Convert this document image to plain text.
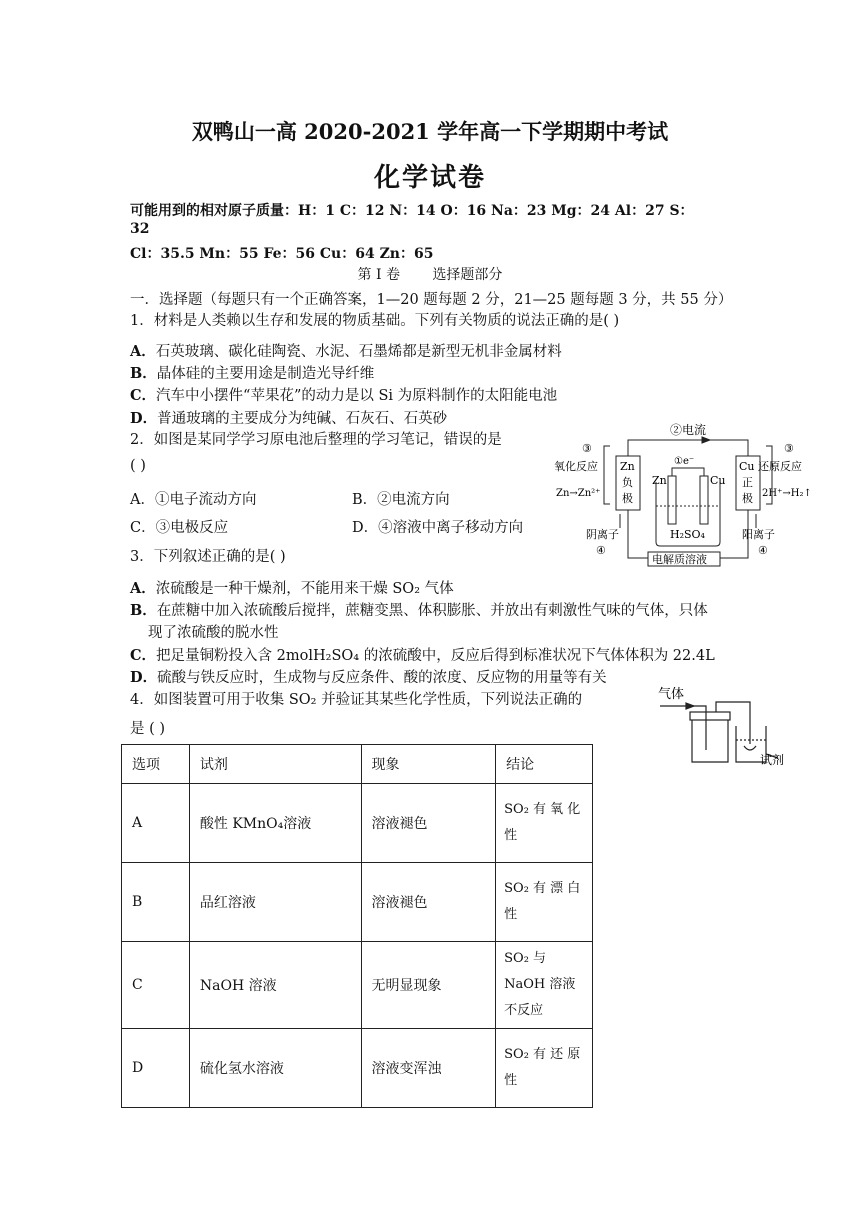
双鸭山一高 2020-2021 学年高一下学期期中考试
化学试卷
可能用到的相对原子质量：H：1 C：12 N：14 O：16 Na：23 Mg：24 Al：27 S：
32
Cl：35.5 Mn：55 Fe：56 Cu：64 Zn：65
第 I 卷 选择题部分
一．选择题（每题只有一个正确答案，1—20 题每题 2 分，21—25 题每题 3 分，共 55 分）
1．材料是人类赖以生存和发展的物质基础。下列有关物质的说法正确的是( )
A．石英玻璃、碳化硅陶瓷、水泥、石墨烯都是新型无机非金属材料
B．晶体硅的主要用途是制造光导纤维
C．汽车中小摆件“苹果花”的动力是以 Si 为原料制作的太阳能电池
D．普通玻璃的主要成分为纯碱、石灰石、石英砂
2．如图是某同学学习原电池后整理的学习笔记，错误的是
( )
A．①电子流动方向	B．②电流方向
C．③电极反应	D．④溶液中离子移动方向
②电流
①e⁻
③
氧化反应
Zn→Zn²⁺
③
还原反应
2H⁺→H₂↑
Zn
负
极
Cu
正
极
Zn	Cu
H₂SO₄
阴离子
④
阳离子
④
电解质溶液
3．下列叙述正确的是( )
A．浓硫酸是一种干燥剂，不能用来干燥 SO₂ 气体
B．在蔗糖中加入浓硫酸后搅拌，蔗糖变黑、体积膨胀、并放出有刺激性气味的气体，只体
现了浓硫酸的脱水性
C．把足量铜粉投入含 2molH₂SO₄ 的浓硫酸中，反应后得到标准状况下气体体积为 22.4L
D．硫酸与铁反应时，生成物与反应条件、酸的浓度、反应物的用量等有关
4．如图装置可用于收集 SO₂ 并验证其某些化学性质，下列说法正确的
是 ( )
气体
试剂
选项	试剂	现象	结论
A	酸性 KMnO₄溶液	溶液褪色	SO₂ 有 氧 化 性
B	品红溶液	溶液褪色	SO₂ 有 漂 白 性
C	NaOH 溶液	无明显现象	SO₂ 与 NaOH 溶液不反应
D	硫化氢水溶液	溶液变浑浊	SO₂ 有 还 原 性
